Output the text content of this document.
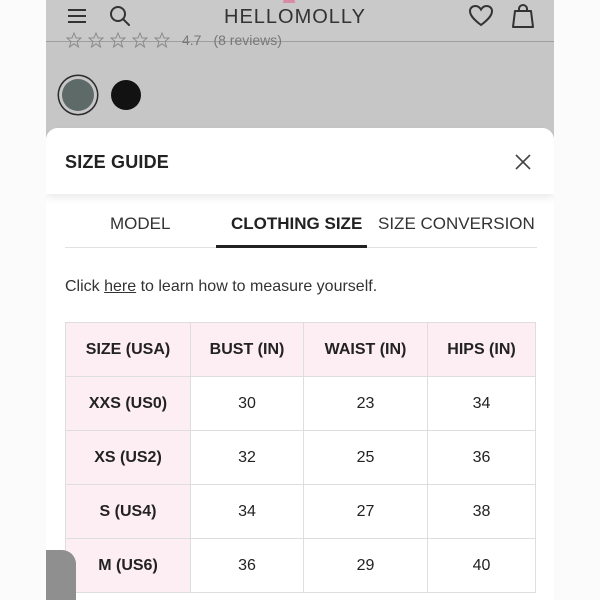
HELLOMOLLY
4.7 (8 reviews)
SIZE GUIDE
MODEL	CLOTHING SIZE SIZE CONVERSION
Click here to learn how to measure yourself.
SIZE (USA)	BUST (IN)	WAIST (IN)	HIPS (IN)
XXS (US0)	30	23	34
XS (US2)	32	25	36
S (US4)	34	27	38
M (US6)	36	29	40
